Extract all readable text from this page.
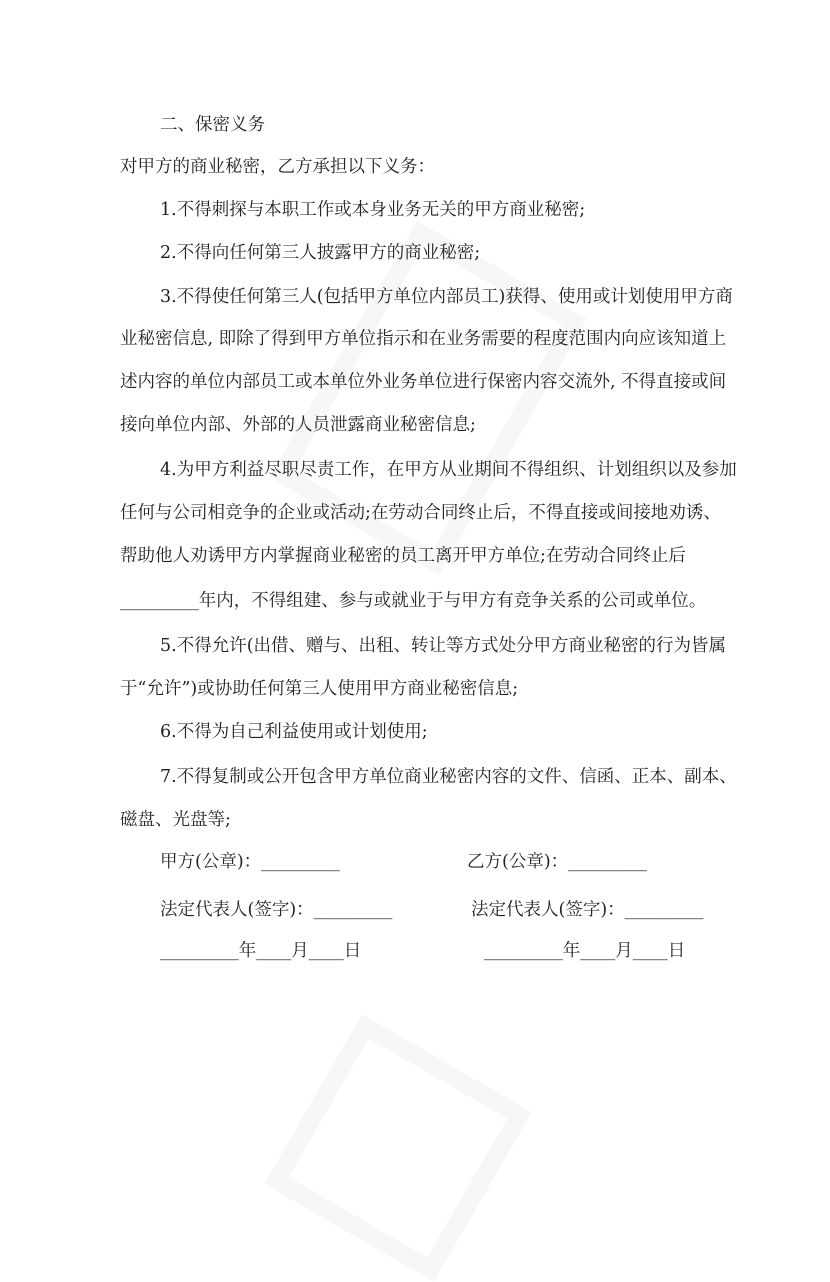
二、保密义务
对甲方的商业秘密，乙方承担以下义务：
1.不得刺探与本职工作或本身业务无关的甲方商业秘密;
2.不得向任何第三人披露甲方的商业秘密;
3.不得使任何第三人(包括甲方单位内部员工)获得、使用或计划使用甲方商
业秘密信息, 即除了得到甲方单位指示和在业务需要的程度范围内向应该知道上
述内容的单位内部员工或本单位外业务单位进行保密内容交流外, 不得直接或间
接向单位内部、外部的人员泄露商业秘密信息;
4.为甲方利益尽职尽责工作，在甲方从业期间不得组织、计划组织以及参加
任何与公司相竞争的企业或活动;在劳动合同终止后，不得直接或间接地劝诱、
帮助他人劝诱甲方内掌握商业秘密的员工离开甲方单位;在劳动合同终止后
_________年内，不得组建、参与或就业于与甲方有竞争关系的公司或单位。
5.不得允许(出借、赠与、出租、转让等方式处分甲方商业秘密的行为皆属
于“允许”)或协助任何第三人使用甲方商业秘密信息;
6.不得为自己利益使用或计划使用;
7.不得复制或公开包含甲方单位商业秘密内容的文件、信函、正本、副本、
磁盘、光盘等;
甲方(公章)：_________	乙方(公章)：_________
法定代表人(签字)：_________	法定代表人(签字)：_________
_________年____月____日	_________年____月____日
